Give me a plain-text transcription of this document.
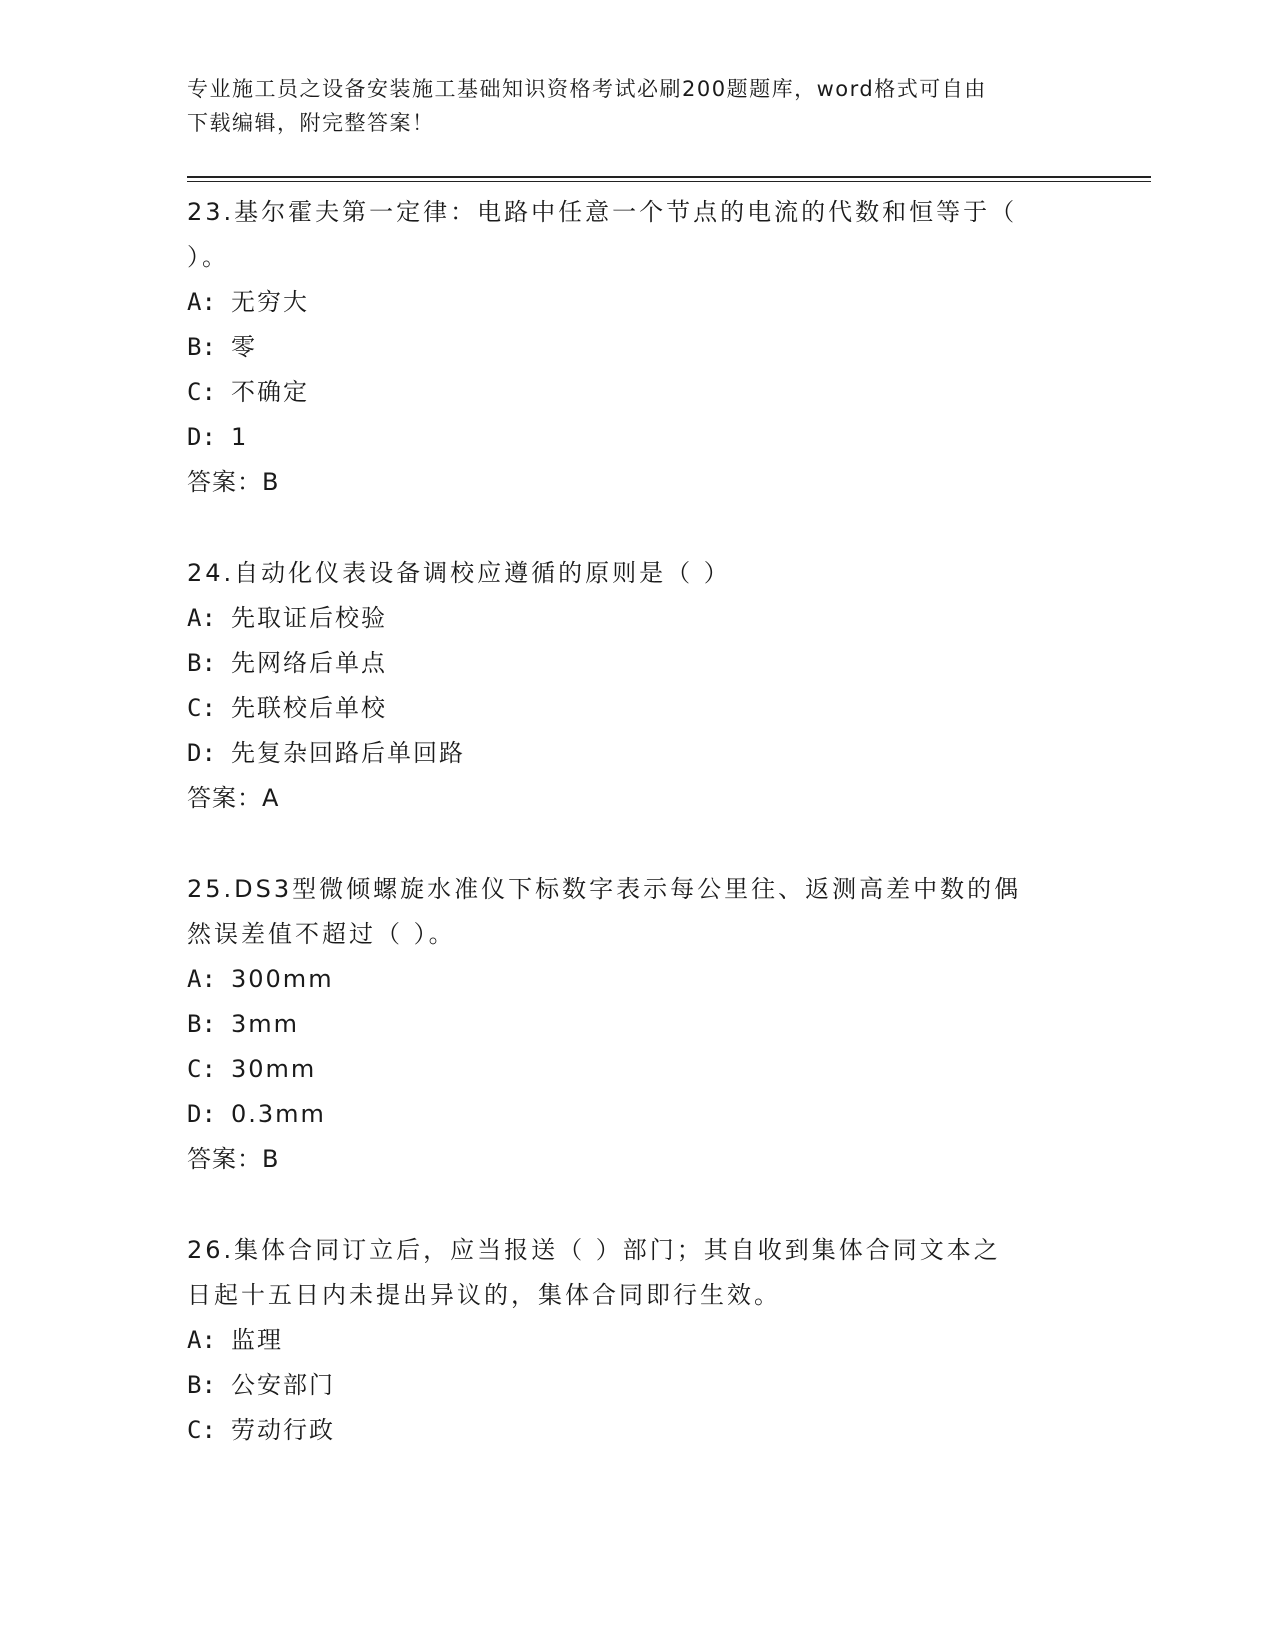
专业施工员之设备安装施工基础知识资格考试必刷200题题库，word格式可自由
下载编辑，附完整答案！
23.基尔霍夫第一定律：电路中任意一个节点的电流的代数和恒等于（
）。
A: 无穷大
B: 零
C: 不确定
D: 1
答案：B
24.自动化仪表设备调校应遵循的原则是（ ）
A: 先取证后校验
B: 先网络后单点
C: 先联校后单校
D: 先复杂回路后单回路
答案：A
25.DS3型微倾螺旋水准仪下标数字表示每公里往、返测高差中数的偶
然误差值不超过（ ）。
A: 300mm
B: 3mm
C: 30mm
D: 0.3mm
答案：B
26.集体合同订立后，应当报送（ ）部门；其自收到集体合同文本之
日起十五日内未提出异议的，集体合同即行生效。
A: 监理
B: 公安部门
C: 劳动行政
